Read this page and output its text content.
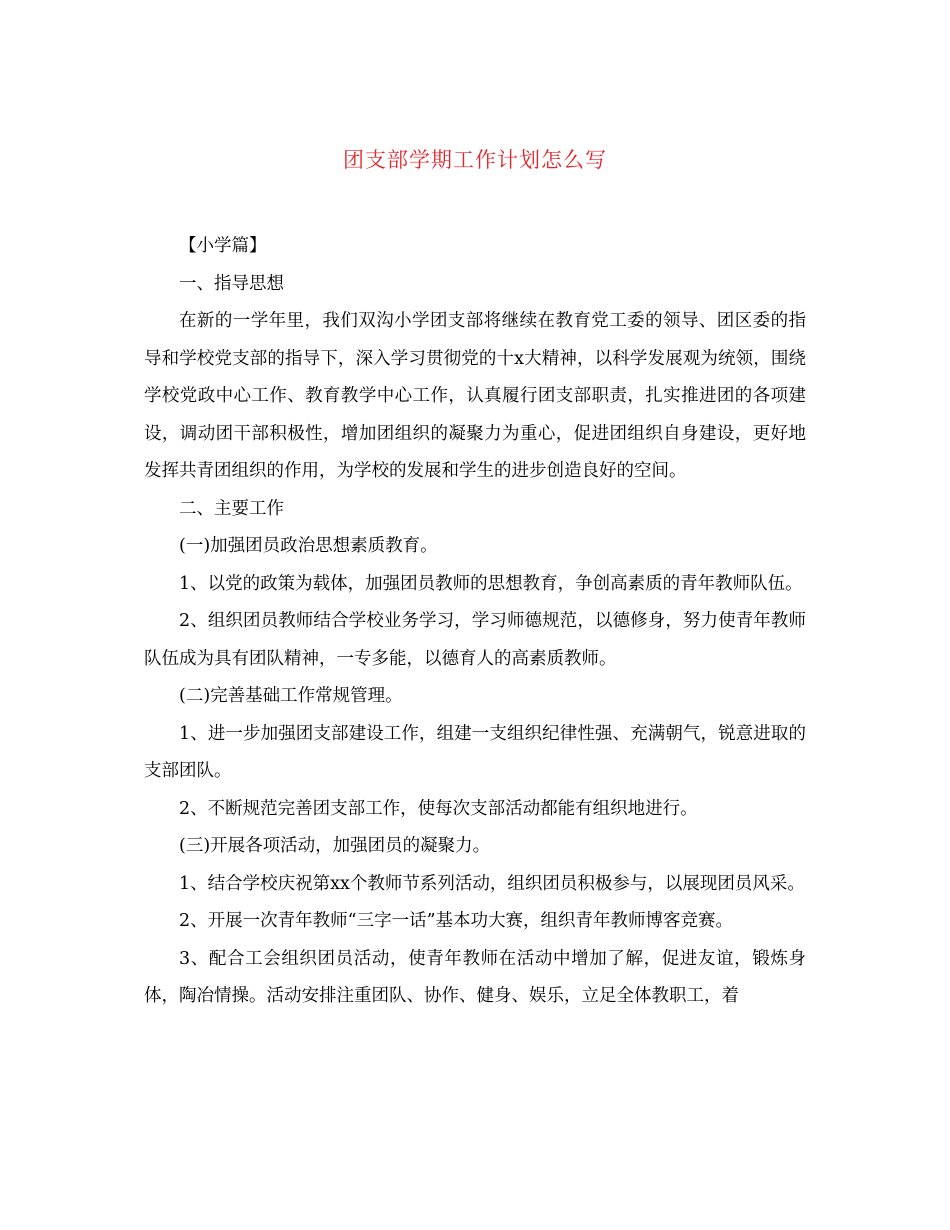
团支部学期工作计划怎么写

【小学篇】

一、指导思想

在新的一学年里，我们双沟小学团支部将继续在教育党工委的领导、团区委的指导和学校党支部的指导下，深入学习贯彻党的十x大精神，以科学发展观为统领，围绕学校党政中心工作、教育教学中心工作，认真履行团支部职责，扎实推进团的各项建设，调动团干部积极性，增加团组织的凝聚力为重心，促进团组织自身建设，更好地发挥共青团组织的作用，为学校的发展和学生的进步创造良好的空间。

二、主要工作

(一)加强团员政治思想素质教育。

1、以党的政策为载体，加强团员教师的思想教育，争创高素质的青年教师队伍。

2、组织团员教师结合学校业务学习，学习师德规范，以德修身，努力使青年教师队伍成为具有团队精神，一专多能，以德育人的高素质教师。

(二)完善基础工作常规管理。

1、进一步加强团支部建设工作，组建一支组织纪律性强、充满朝气，锐意进取的支部团队。

2、不断规范完善团支部工作，使每次支部活动都能有组织地进行。

(三)开展各项活动，加强团员的凝聚力。

1、结合学校庆祝第xx个教师节系列活动，组织团员积极参与，以展现团员风采。

2、开展一次青年教师“三字一话”基本功大赛，组织青年教师博客竞赛。

3、配合工会组织团员活动，使青年教师在活动中增加了解，促进友谊，锻炼身体，陶冶情操。活动安排注重团队、协作、健身、娱乐，立足全体教职工，着
